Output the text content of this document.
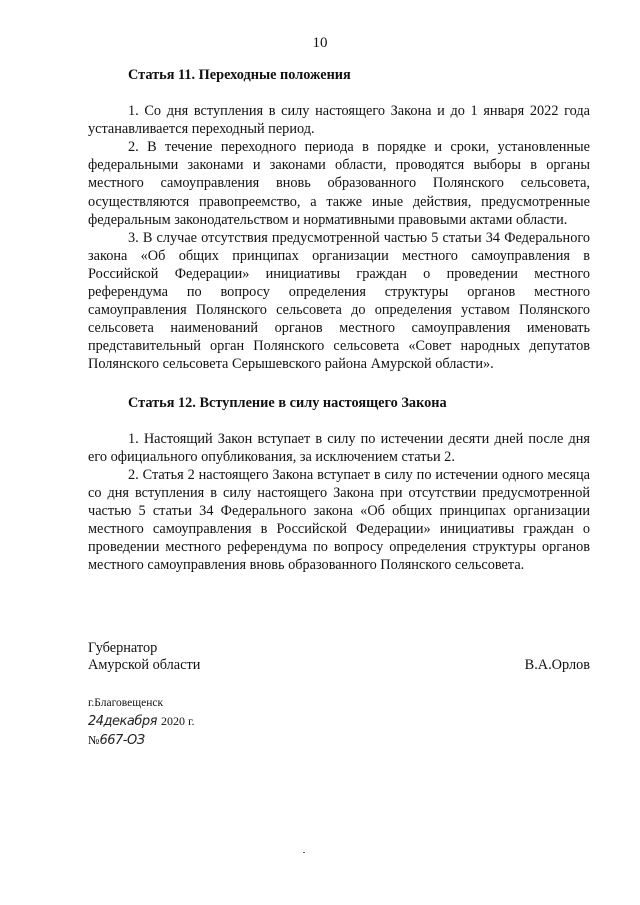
10

Статья 11. Переходные положения

1. Со дня вступления в силу настоящего Закона и до 1 января 2022 года устанавливается переходный период.

2. В течение переходного периода в порядке и сроки, установленные федеральными законами и законами области, проводятся выборы в органы местного самоуправления вновь образованного Полянского сельсовета, осуществляются правопреемство, а также иные действия, предусмотренные федеральным законодательством и нормативными правовыми актами области.

3. В случае отсутствия предусмотренной частью 5 статьи 34 Федерального закона «Об общих принципах организации местного самоуправления в Российской Федерации» инициативы граждан о проведении местного референдума по вопросу определения структуры органов местного самоуправления Полянского сельсовета до определения уставом Полянского сельсовета наименований органов местного самоуправления именовать представительный орган Полянского сельсовета «Совет народных депутатов Полянского сельсовета Серышевского района Амурской области».

Статья 12. Вступление в силу настоящего Закона

1. Настоящий Закон вступает в силу по истечении десяти дней после дня его официального опубликования, за исключением статьи 2.

2. Статья 2 настоящего Закона вступает в силу по истечении одного месяца со дня вступления в силу настоящего Закона при отсутствии предусмотренной частью 5 статьи 34 Федерального закона «Об общих принципах организации местного самоуправления в Российской Федерации» инициативы граждан о проведении местного референдума по вопросу определения структуры органов местного самоуправления вновь образованного Полянского сельсовета.

Губернатор

Амурской области	В.А.Орлов
г.Благовещенск
24декабря 2020 г.
№667-ОЗ
